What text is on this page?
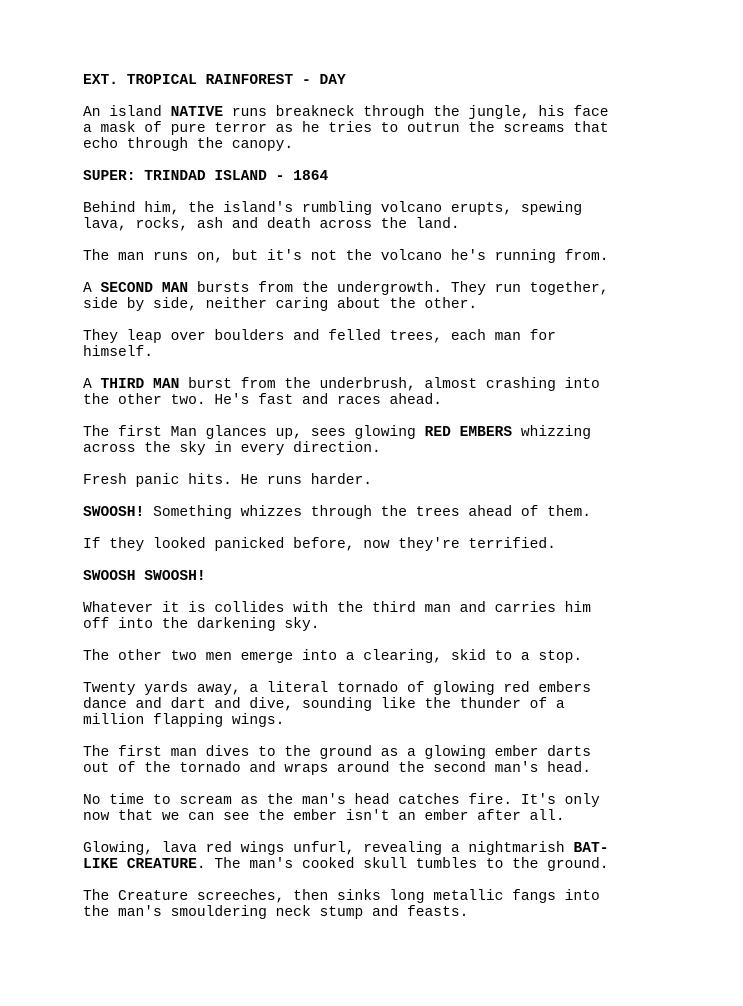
EXT. TROPICAL RAINFOREST - DAY
An island NATIVE runs breakneck through the jungle, his face
a mask of pure terror as he tries to outrun the screams that
echo through the canopy.
SUPER: TRINDAD ISLAND - 1864
Behind him, the island's rumbling volcano erupts, spewing
lava, rocks, ash and death across the land.
The man runs on, but it's not the volcano he's running from.
A SECOND MAN bursts from the undergrowth. They run together,
side by side, neither caring about the other.
They leap over boulders and felled trees, each man for
himself.
A THIRD MAN burst from the underbrush, almost crashing into
the other two. He's fast and races ahead.
The first Man glances up, sees glowing RED EMBERS whizzing
across the sky in every direction.
Fresh panic hits. He runs harder.
SWOOSH! Something whizzes through the trees ahead of them.
If they looked panicked before, now they're terrified.
SWOOSH SWOOSH!
Whatever it is collides with the third man and carries him
off into the darkening sky.
The other two men emerge into a clearing, skid to a stop.
Twenty yards away, a literal tornado of glowing red embers
dance and dart and dive, sounding like the thunder of a
million flapping wings.
The first man dives to the ground as a glowing ember darts
out of the tornado and wraps around the second man's head.
No time to scream as the man's head catches fire. It's only
now that we can see the ember isn't an ember after all.
Glowing, lava red wings unfurl, revealing a nightmarish BAT-
LIKE CREATURE. The man's cooked skull tumbles to the ground.
The Creature screeches, then sinks long metallic fangs into
the man's smouldering neck stump and feasts.
